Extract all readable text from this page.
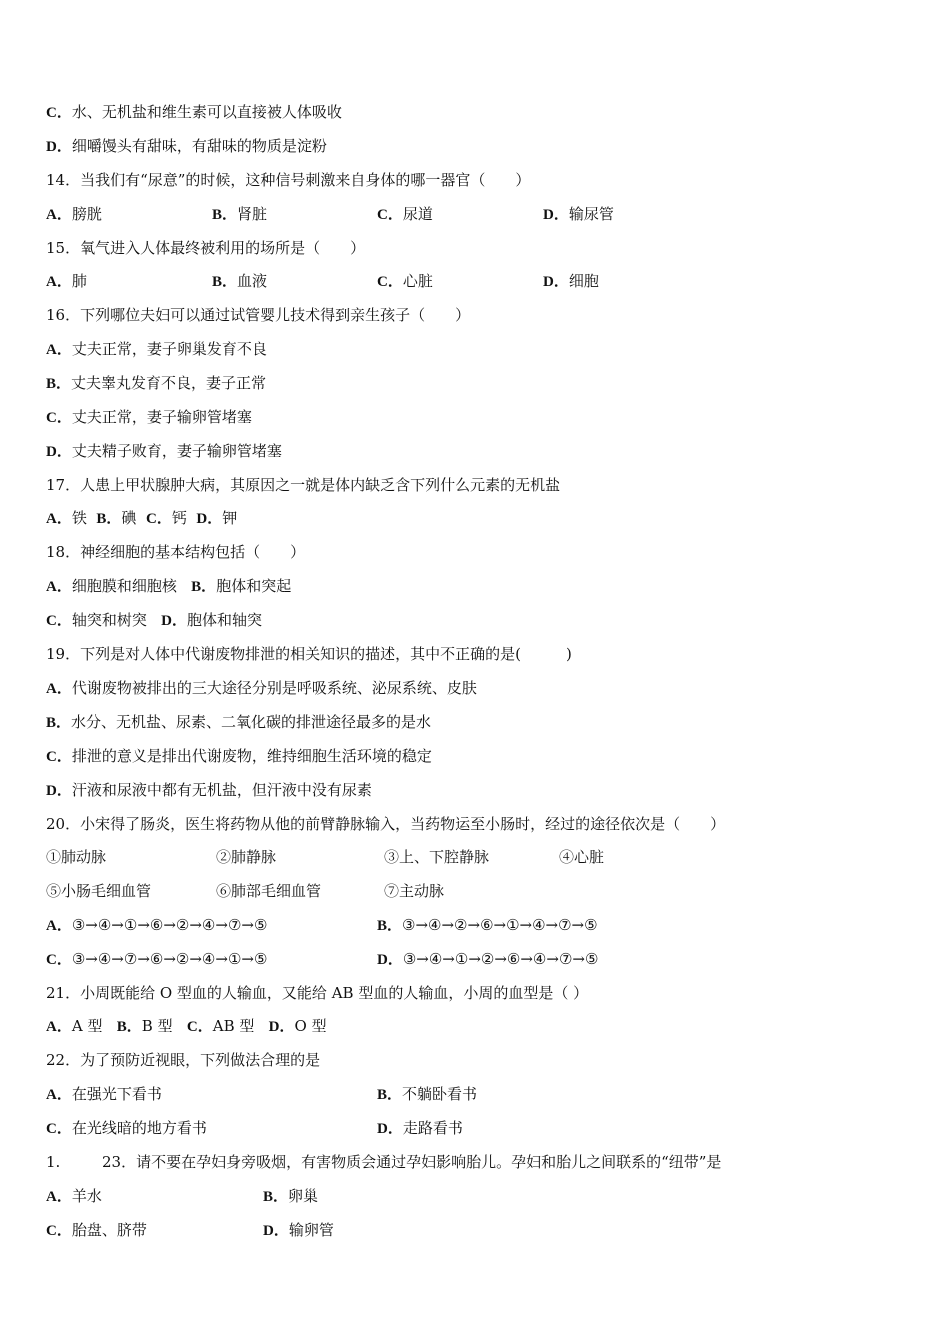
C．水、无机盐和维生素可以直接被人体吸收
D．细嚼馒头有甜味，有甜味的物质是淀粉
14．当我们有“尿意”的时候，这种信号刺激来自身体的哪一器官（　　）
A．膀胱	B．肾脏	C．尿道	D．输尿管
15．氧气进入人体最终被利用的场所是（　　）
A．肺	B．血液	C．心脏	D．细胞
16．下列哪位夫妇可以通过试管婴儿技术得到亲生孩子（　　）
A．丈夫正常，妻子卵巢发育不良
B．丈夫睾丸发育不良，妻子正常
C．丈夫正常，妻子输卵管堵塞
D．丈夫精子败育，妻子输卵管堵塞
17．人患上甲状腺肿大病，其原因之一就是体内缺乏含下列什么元素的无机盐
A．铁 B．碘 C．钙 D．钾
18．神经细胞的基本结构包括（　　）
A．细胞膜和细胞核 B．胞体和突起
C．轴突和树突 D．胞体和轴突
19．下列是对人体中代谢废物排泄的相关知识的描述，其中不正确的是(　　　)
A．代谢废物被排出的三大途径分别是呼吸系统、泌尿系统、皮肤
B．水分、无机盐、尿素、二氧化碳的排泄途径最多的是水
C．排泄的意义是排出代谢废物，维持细胞生活环境的稳定
D．汗液和尿液中都有无机盐，但汗液中没有尿素
20．小宋得了肠炎，医生将药物从他的前臂静脉输入，当药物运至小肠时，经过的途径依次是（　　）
①肺动脉	②肺静脉	③上、下腔静脉	④心脏
⑤小肠毛细血管	⑥肺部毛细血管	⑦主动脉
A．③→④→①→⑥→②→④→⑦→⑤	B．③→④→②→⑥→①→④→⑦→⑤
C．③→④→⑦→⑥→②→④→①→⑤	D．③→④→①→②→⑥→④→⑦→⑤
21．小周既能给 O 型血的人输血，又能给 AB 型血的人输血，小周的血型是（ ）
A．A 型 B．B 型 C．AB 型 D．O 型
22．为了预防近视眼，下列做法合理的是
A．在强光下看书	B．不躺卧看书
C．在光线暗的地方看书	D．走路看书
1.	23．请不要在孕妇身旁吸烟，有害物质会通过孕妇影响胎儿。孕妇和胎儿之间联系的“纽带”是
A．羊水	B．卵巢
C．胎盘、脐带	D．输卵管
